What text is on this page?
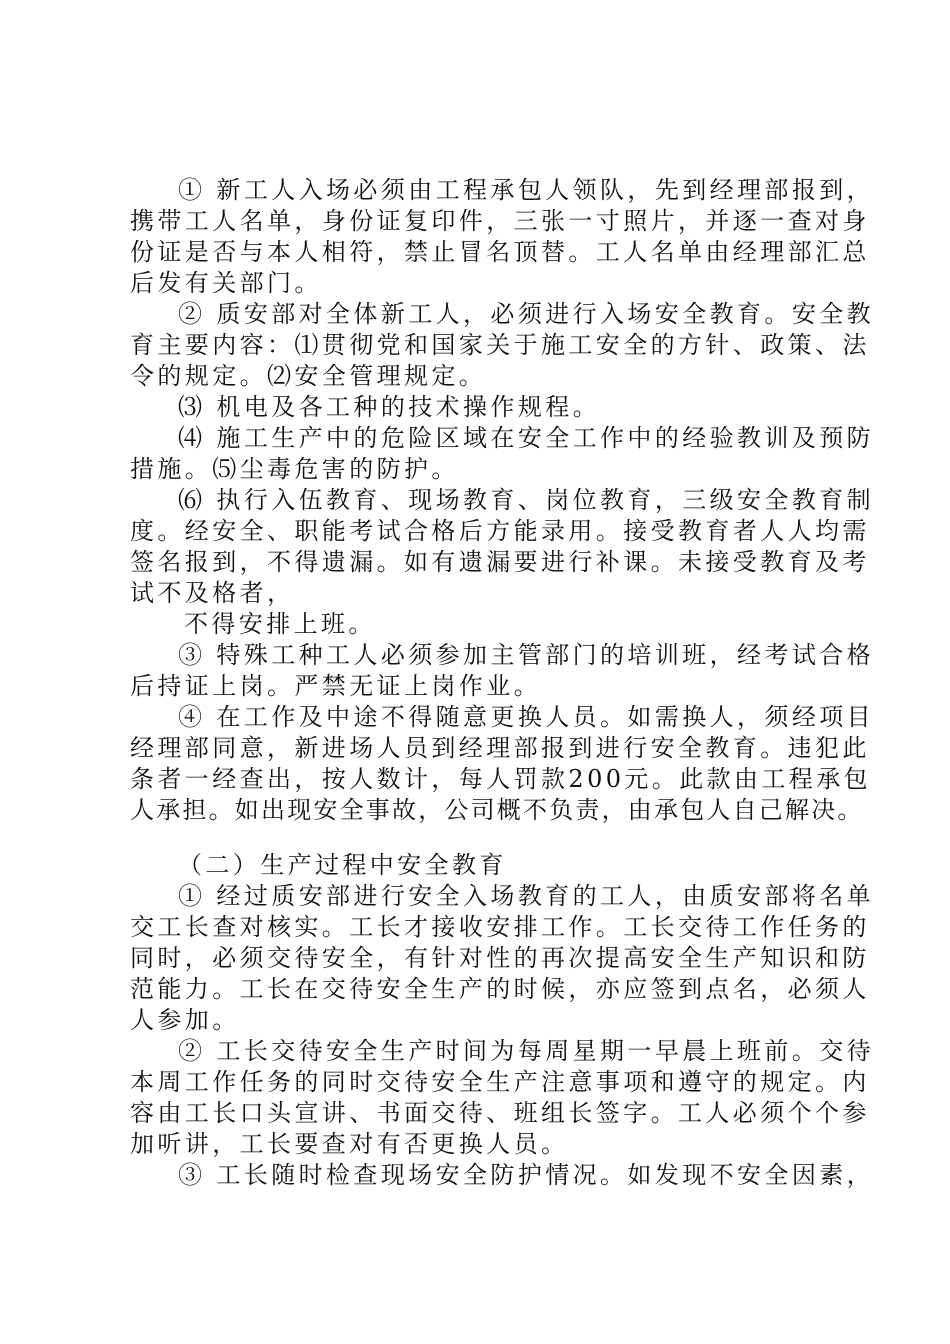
① 新工人入场必须由工程承包人领队，先到经理部报到，
携带工人名单，身份证复印件，三张一寸照片，并逐一查对身
份证是否与本人相符，禁止冒名顶替。工人名单由经理部汇总
后发有关部门。
② 质安部对全体新工人，必须进行入场安全教育。安全教
育主要内容：⑴贯彻党和国家关于施工安全的方针、政策、法
令的规定。⑵安全管理规定。
⑶ 机电及各工种的技术操作规程。
⑷ 施工生产中的危险区域在安全工作中的经验教训及预防
措施。⑸尘毒危害的防护。
⑹ 执行入伍教育、现场教育、岗位教育，三级安全教育制
度。经安全、职能考试合格后方能录用。接受教育者人人均需
签名报到，不得遗漏。如有遗漏要进行补课。未接受教育及考
试不及格者，
不得安排上班。
③ 特殊工种工人必须参加主管部门的培训班，经考试合格
后持证上岗。严禁无证上岗作业。
④ 在工作及中途不得随意更换人员。如需换人，须经项目
经理部同意，新进场人员到经理部报到进行安全教育。违犯此
条者一经查出，按人数计，每人罚款200元。此款由工程承包
人承担。如出现安全事故，公司概不负责，由承包人自己解决。
（二）生产过程中安全教育
① 经过质安部进行安全入场教育的工人，由质安部将名单
交工长查对核实。工长才接收安排工作。工长交待工作任务的
同时，必须交待安全，有针对性的再次提高安全生产知识和防
范能力。工长在交待安全生产的时候，亦应签到点名，必须人
人参加。
② 工长交待安全生产时间为每周星期一早晨上班前。交待
本周工作任务的同时交待安全生产注意事项和遵守的规定。内
容由工长口头宣讲、书面交待、班组长签字。工人必须个个参
加听讲，工长要查对有否更换人员。
③ 工长随时检查现场安全防护情况。如发现不安全因素，
